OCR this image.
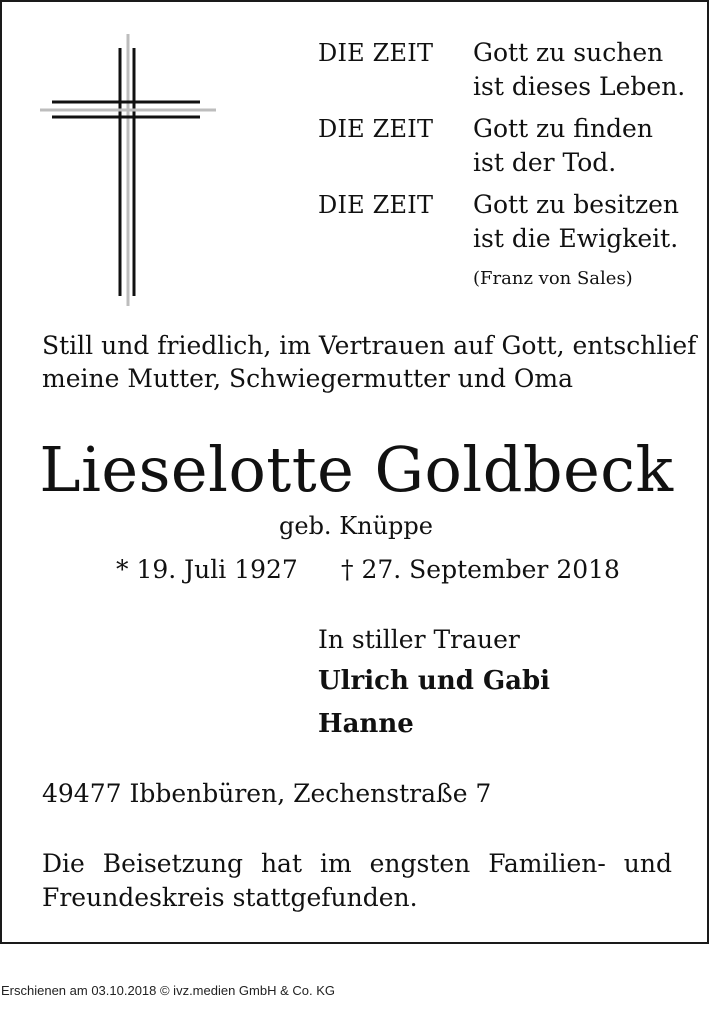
DIE ZEIT	Gott zu suchen
ist dieses Leben.
DIE ZEIT	Gott zu finden
ist der Tod.
DIE ZEIT	Gott zu besitzen
ist die Ewigkeit.
(Franz von Sales)
Still und friedlich, im Vertrauen auf Gott, entschlief
meine Mutter, Schwiegermutter und Oma
Lieselotte Goldbeck
geb. Knüppe
* 19. Juli 1927 † 27. September 2018
In stiller Trauer
Ulrich und Gabi
Hanne
49477 Ibbenbüren, Zechenstraße 7
Die Beisetzung hat im engsten Familien- und
Freundeskreis stattgefunden.
Erschienen am 03.10.2018 © ivz.medien GmbH & Co. KG
